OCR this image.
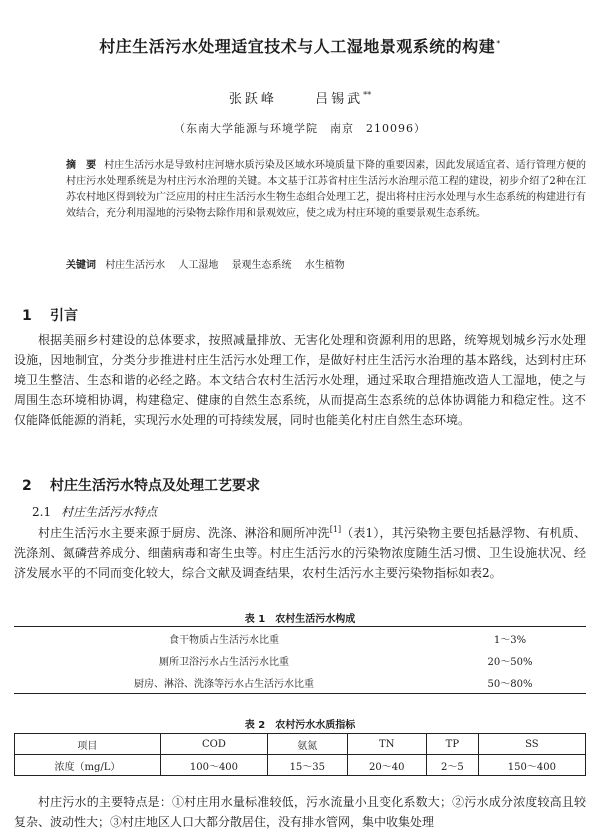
村庄生活污水处理适宜技术与人工湿地景观系统的构建*
张跃峰	吕锡武**
（东南大学能源与环境学院　南京　210096）
摘　要 村庄生活污水是导致村庄河塘水质污染及区域水环境质量下降的重要因素，因此发展适宜者、适行管理方便的村庄污水处理系统是为村庄污水治理的关键。本文基于江苏省村庄生活污水治理示范工程的建设，初步介绍了2种在江苏农村地区得到较为广泛应用的村庄生活污水生物生态组合处理工艺，提出将村庄污水处理与水生态系统的构建进行有效结合，充分利用湿地的污染物去除作用和景观效应，使之成为村庄环境的重要景观生态系统。
关键词 村庄生活污水 人工湿地 景观生态系统 水生植物
1 引言
根据美丽乡村建设的总体要求，按照减量排放、无害化处理和资源利用的思路，统筹规划城乡污水处理设施，因地制宜，分类分步推进村庄生活污水处理工作，是做好村庄生活污水治理的基本路线，达到村庄环境卫生整洁、生态和谐的必经之路。本文结合农村生活污水处理，通过采取合理措施改造人工湿地，使之与周围生态环境相协调，构建稳定、健康的自然生态系统，从而提高生态系统的总体协调能力和稳定性。这不仅能降低能源的消耗，实现污水处理的可持续发展，同时也能美化村庄自然生态环境。
2 村庄生活污水特点及处理工艺要求
2.1 村庄生活污水特点
村庄生活污水主要来源于厨房、洗涤、淋浴和厕所冲洗[1]（表1），其污染物主要包括悬浮物、有机质、洗涤剂、氮磷营养成分、细菌病毒和寄生虫等。村庄生活污水的污染物浓度随生活习惯、卫生设施状况、经济发展水平的不同而变化较大，综合文献及调查结果，农村生活污水主要污染物指标如表2。
表 1 农村生活污水构成
食干物质占生活污水比重	1～3%
厕所卫浴污水占生活污水比重	20～50%
厨房、淋浴、洗涤等污水占生活污水比重	50～80%
表 2 农村污水水质指标
项目	COD	氨氮	TN	TP	SS
浓度（mg/L）	100～400	15～35	20～40	2～5	150～400
村庄污水的主要特点是：①村庄用水量标准较低，污水流量小且变化系数大；②污水成分浓度较高且较复杂、波动性大；③村庄地区人口大都分散居住，没有排水管网，集中收集处理
